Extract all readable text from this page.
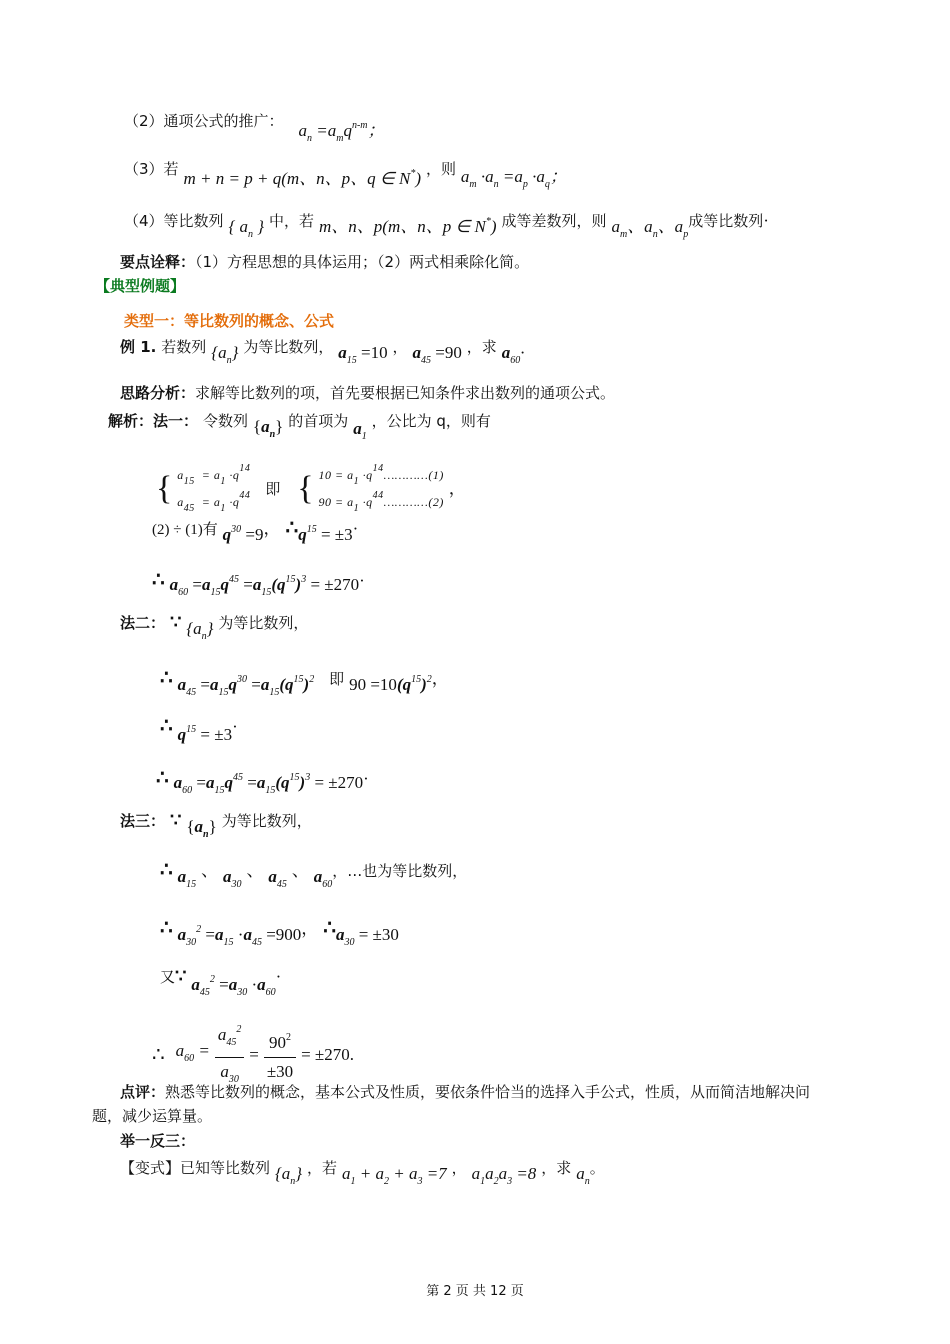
（2）通项公式的推广： $a_n =a_mq^{n-m}$；
（3）若 m + n = p + q(m、n、p、q ∈ N*) ，则 $a_m \cdot a_n =a_p \cdot a_q$；
（4）等比数列 { $a_n$ } 中，若 m、n、p(m、n、p ∈ N*) 成等差数列，则 $a_m$、$a_n$、$a_p$成等比数列·
要点诠释：（1）方程思想的具体运用；（2）两式相乘除化简。
【典型例题】
类型一：等比数列的概念、公式
例 1. 若数列 $\{a_n\}$ 为等比数列， $a_{15} =10$ ， $a_{45} =90$ ，求 $a_{60}\cdot$
思路分析：求解等比数列的项，首先要根据已知条件求出数列的通项公式。
解析：法一： 令数列 $\{a_n\}$ 的首项为 $a_1$ ，公比为 q，则有
{ $a_{15} = a_1 \cdot q^{14}$
$a_{45} = a_1 \cdot q^{44}$ 即 { $10 = a_1$ $\cdot q^{14}\dots\dots\dots\dots(1)$
$90 = a_1$ $\cdot q^{44}\dots\dots\dots\dots(2)$
，
(2) ÷ (1)有 $q^{30} =9$， $\therefore q^{15} = \pm 3\cdot$
∴ $a_{60} =a_{15}q^{45} =a_{15}(q^{15})^3 = \pm 270\cdot$
法二： ∵ $\{a_n\}$ 为等比数列，
∴ $a_{45} =a_{15}q^{30} =a_{15}(q^{15})^2$ 即 $90 =10(q^{15})^2$，
∴ $q^{15} = \pm 3\cdot$
∴ $a_{60} =a_{15}q^{45} =a_{15}(q^{15})^3 = \pm 270\cdot$
法三： ∵ $\{a_n\}$ 为等比数列，
∴ $a_{15}$ 、 $a_{30}$ 、 $a_{45}$ 、 $a_{60}$，…也为等比数列，
∴ $a_{30}^2 =a_{15} \cdot a_{45} =900$， $\therefore a_{30} = \pm 30$
又∵ $a_{45}^2 =a_{30} \cdot a_{60}\cdot$
∴ $a_{60} = \frac{a_{45}^2}{a_{30}} = \frac{90^2}{\pm 30} = \pm 270$.
点评：熟悉等比数列的概念，基本公式及性质，要依条件恰当的选择入手公式，性质，从而简洁地解决问
题，减少运算量。
举一反三：
【变式】已知等比数列 $\{a_n\}$ ，若 $a_1 + a_2 + a_3 =7$ ， $a_1a_2a_3 =8$ ，求 $a_n$。
第 2 页 共 12 页
